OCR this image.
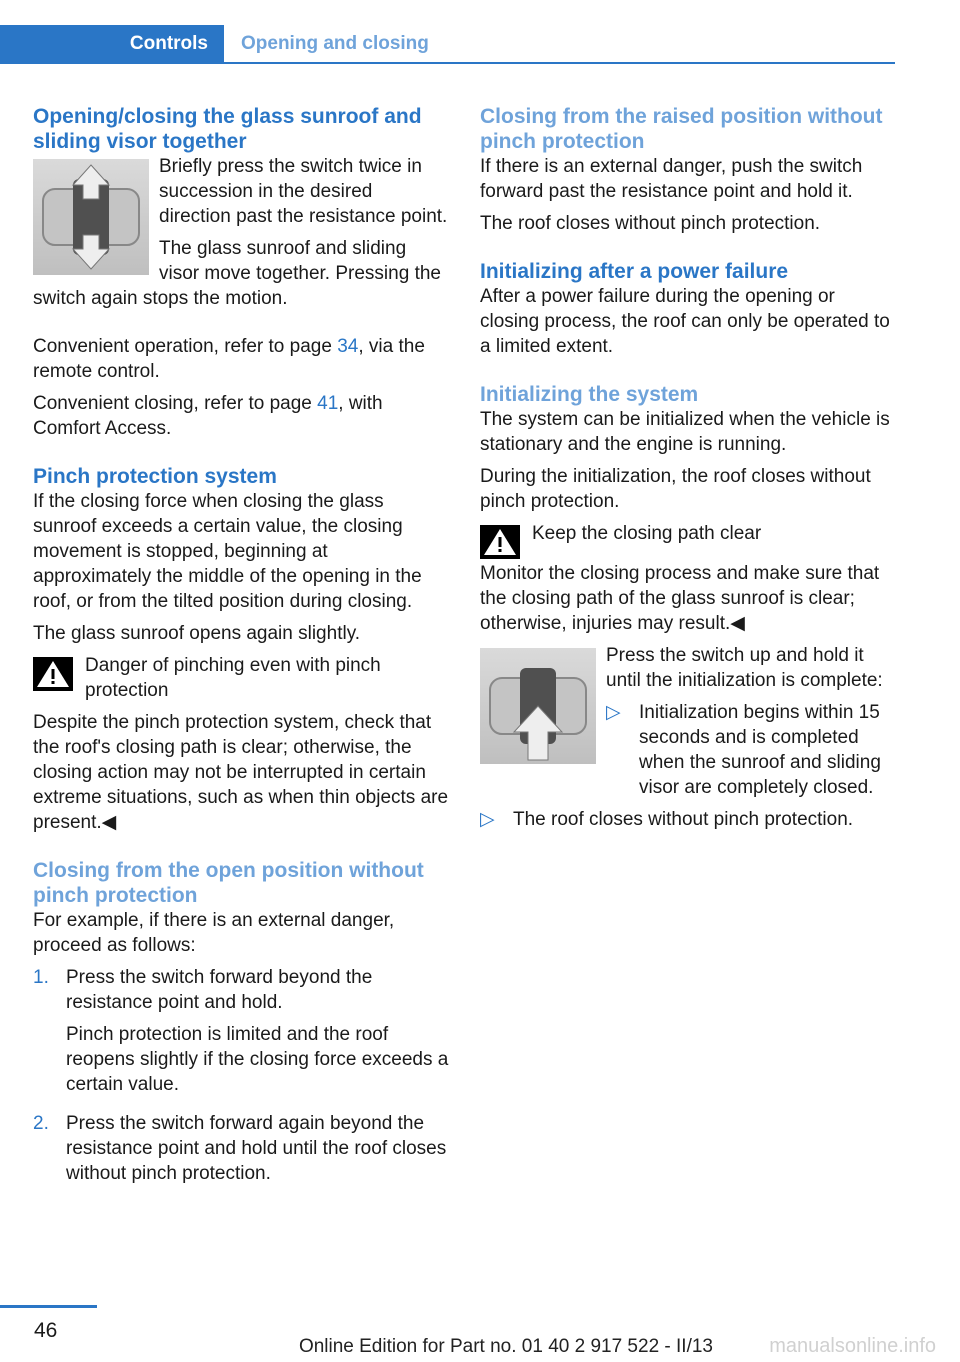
Controls	Opening and closing
Opening/closing the glass sunroof and sliding visor together

Briefly press the switch twice in succession in the desired direction past the resistance point.

The glass sunroof and sliding visor move together. Pressing the switch again stops the motion.

Convenient operation, refer to page 34, via the remote control.

Convenient closing, refer to page 41, with Comfort Access.

Pinch protection system

If the closing force when closing the glass sunroof exceeds a certain value, the closing movement is stopped, beginning at approximately the middle of the opening in the roof, or from the tilted position during closing.

The glass sunroof opens again slightly.

Danger of pinching even with pinch protection

Despite the pinch protection system, check that the roof's closing path is clear; otherwise, the closing action may not be interrupted in certain extreme situations, such as when thin objects are present.◀

Closing from the open position without pinch protection

For example, if there is an external danger, proceed as follows:

1. Press the switch forward beyond the resistance point and hold.

Pinch protection is limited and the roof reopens slightly if the closing force exceeds a certain value.

2. Press the switch forward again beyond the resistance point and hold until the roof closes without pinch protection.

Closing from the raised position without pinch protection

If there is an external danger, push the switch forward past the resistance point and hold it.

The roof closes without pinch protection.

Initializing after a power failure

After a power failure during the opening or closing process, the roof can only be operated to a limited extent.

Initializing the system

The system can be initialized when the vehicle is stationary and the engine is running.

During the initialization, the roof closes without pinch protection.

Keep the closing path clear

Monitor the closing process and make sure that the closing path of the glass sunroof is clear; otherwise, injuries may result.◀

Press the switch up and hold it until the initialization is complete:

▷ Initialization begins within 15 seconds and is completed when the sunroof and sliding visor are completely closed.
▷ The roof closes without pinch protection.
46
Online Edition for Part no. 01 40 2 917 522 - II/13	manualsonline.info
